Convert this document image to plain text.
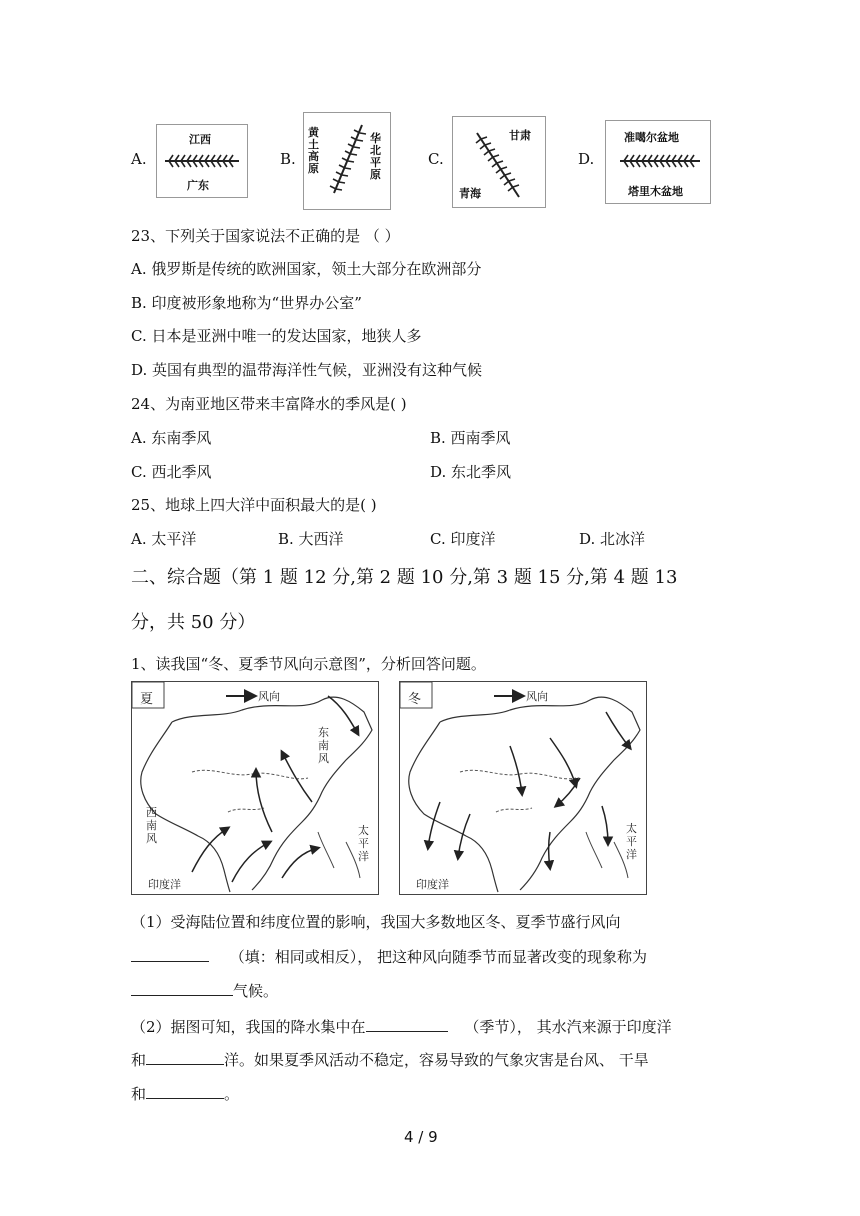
A.
江西
广东
B.
黄土高原
华北平原
C.
甘肃
青海
D.
准噶尔盆地
塔里木盆地
23、下列关于国家说法不正确的是 （ ）
A. 俄罗斯是传统的欧洲国家，领土大部分在欧洲部分
B. 印度被形象地称为“世界办公室”
C. 日本是亚洲中唯一的发达国家，地狭人多
D. 英国有典型的温带海洋性气候，亚洲没有这种气候
24、为南亚地区带来丰富降水的季风是( )
A. 东南季风	B. 西南季风
C. 西北季风	D. 东北季风
25、地球上四大洋中面积最大的是( )
A. 太平洋	B. 大西洋	C. 印度洋	D. 北冰洋
二、综合题（第 1 题 12 分,第 2 题 10 分,第 3 题 15 分,第 4 题 13
分，共 50 分）
1、读我国“冬、夏季节风向示意图”，分析回答问题。
夏	风向
东南风
西南风
印度洋
太平洋
冬	风向
印度洋
太平洋
（1）受海陆位置和纬度位置的影响，我国大多数地区冬、夏季节盛行风向
（填：相同或相反）， 把这种风向随季节而显著改变的现象称为
气候。
（2）据图可知，我国的降水集中在	（季节）， 其水汽来源于印度洋
和	洋。如果夏季风活动不稳定，容易导致的气象灾害是台风、 干旱
和	。
4 / 9
